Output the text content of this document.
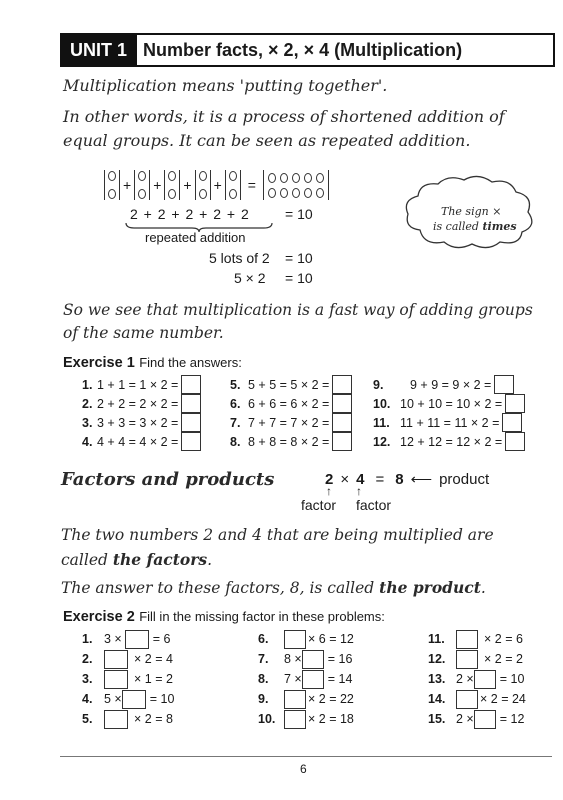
UNIT 1 Number facts, × 2, × 4 (Multiplication)
Multiplication means 'putting together'.
In other words, it is a process of shortened addition of
equal groups. It can be seen as repeated addition.
+ + + + =
2 + 2 + 2 + 2 + 2	= 10
repeated addition
5 lots of 2 = 10
5 × 2 = 10
The sign ×
is called times
So we see that multiplication is a fast way of adding groups
of the same number.
Exercise 1 Find the answers:
1. 1 + 1 = 1 × 2 =
2. 2 + 2 = 2 × 2 =
3. 3 + 3 = 3 × 2 =
4. 4 + 4 = 4 × 2 =
5. 5 + 5 = 5 × 2 =
6. 6 + 6 = 6 × 2 =
7. 7 + 7 = 7 × 2 =
8. 8 + 8 = 8 × 2 =
9.	9 + 9 = 9 × 2 =
10. 10 + 10 = 10 × 2 =
11. 11 + 11 = 11 × 2 =
12. 12 + 12 = 12 × 2 =
Factors and products	2 × 4 = 8 ⟵ product
↑ ↑
factor factor
The two numbers 2 and 4 that are being multiplied are
called the factors.
The answer to these factors, 8, is called the product.
Exercise 2 Fill in the missing factor in these problems:
1. 3 × = 6
2.	× 2 = 4
3.	× 1 = 2
4. 5 × = 10
5.	× 2 = 8
6.	× 6 = 12
7.	8 × = 16
8.	7 × = 14
9.	× 2 = 22
10.	× 2 = 18
11.	× 2 = 6
12.	× 2 = 2
13. 2 × = 10
14.	× 2 = 24
15. 2 × = 12
6
